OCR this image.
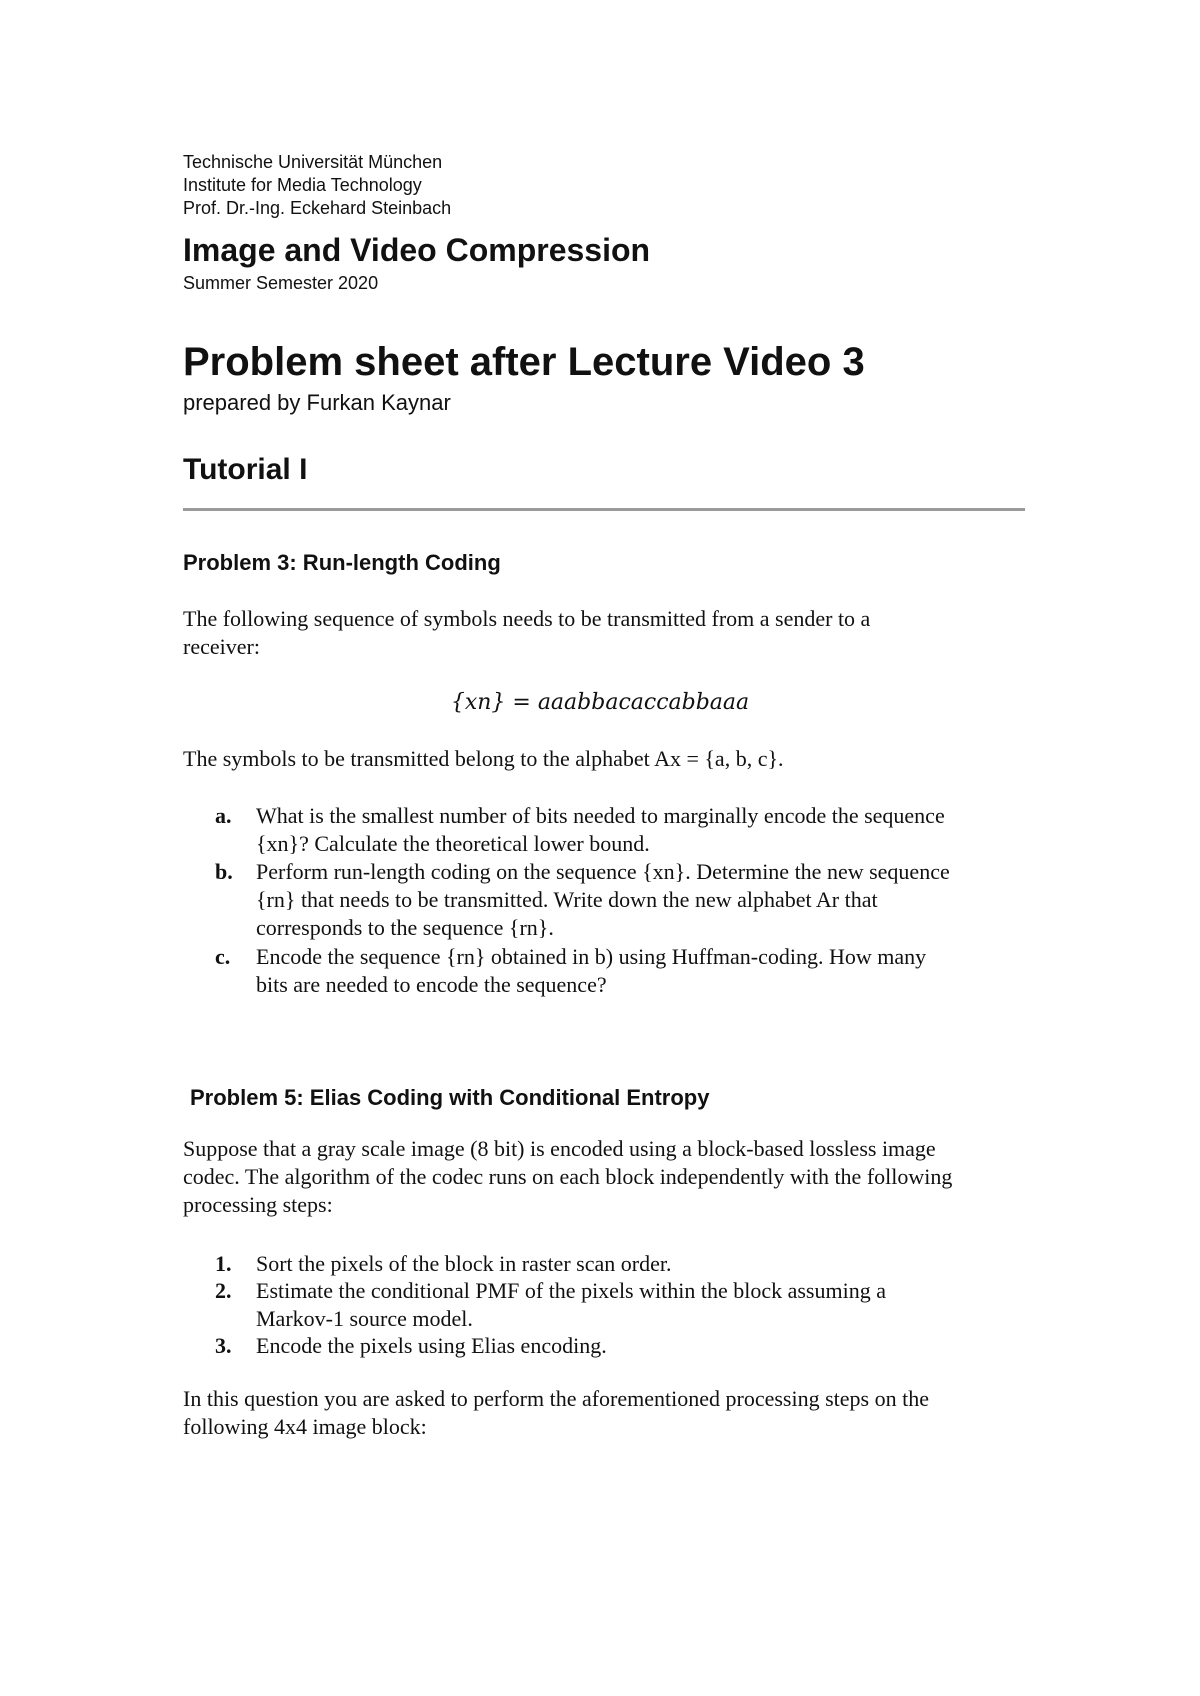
Technische Universität München
Institute for Media Technology
Prof. Dr.-Ing. Eckehard Steinbach
Image and Video Compression
Summer Semester 2020
Problem sheet after Lecture Video 3
prepared by Furkan Kaynar
Tutorial I
Problem 3: Run-length Coding
The following sequence of symbols needs to be transmitted from a sender to a
receiver:
{xn} = aaabbacaccabbaaa
The symbols to be transmitted belong to the alphabet Ax = {a, b, c}.
a. What is the smallest number of bits needed to marginally encode the sequence
{xn}? Calculate the theoretical lower bound.
b. Perform run-length coding on the sequence {xn}. Determine the new sequence
{rn} that needs to be transmitted. Write down the new alphabet Ar that
corresponds to the sequence {rn}.
c. Encode the sequence {rn} obtained in b) using Huffman-coding. How many
bits are needed to encode the sequence?
Problem 5: Elias Coding with Conditional Entropy
Suppose that a gray scale image (8 bit) is encoded using a block-based lossless image
codec. The algorithm of the codec runs on each block independently with the following
processing steps:
1. Sort the pixels of the block in raster scan order.
2. Estimate the conditional PMF of the pixels within the block assuming a
Markov-1 source model.
3. Encode the pixels using Elias encoding.
In this question you are asked to perform the aforementioned processing steps on the
following 4x4 image block:
